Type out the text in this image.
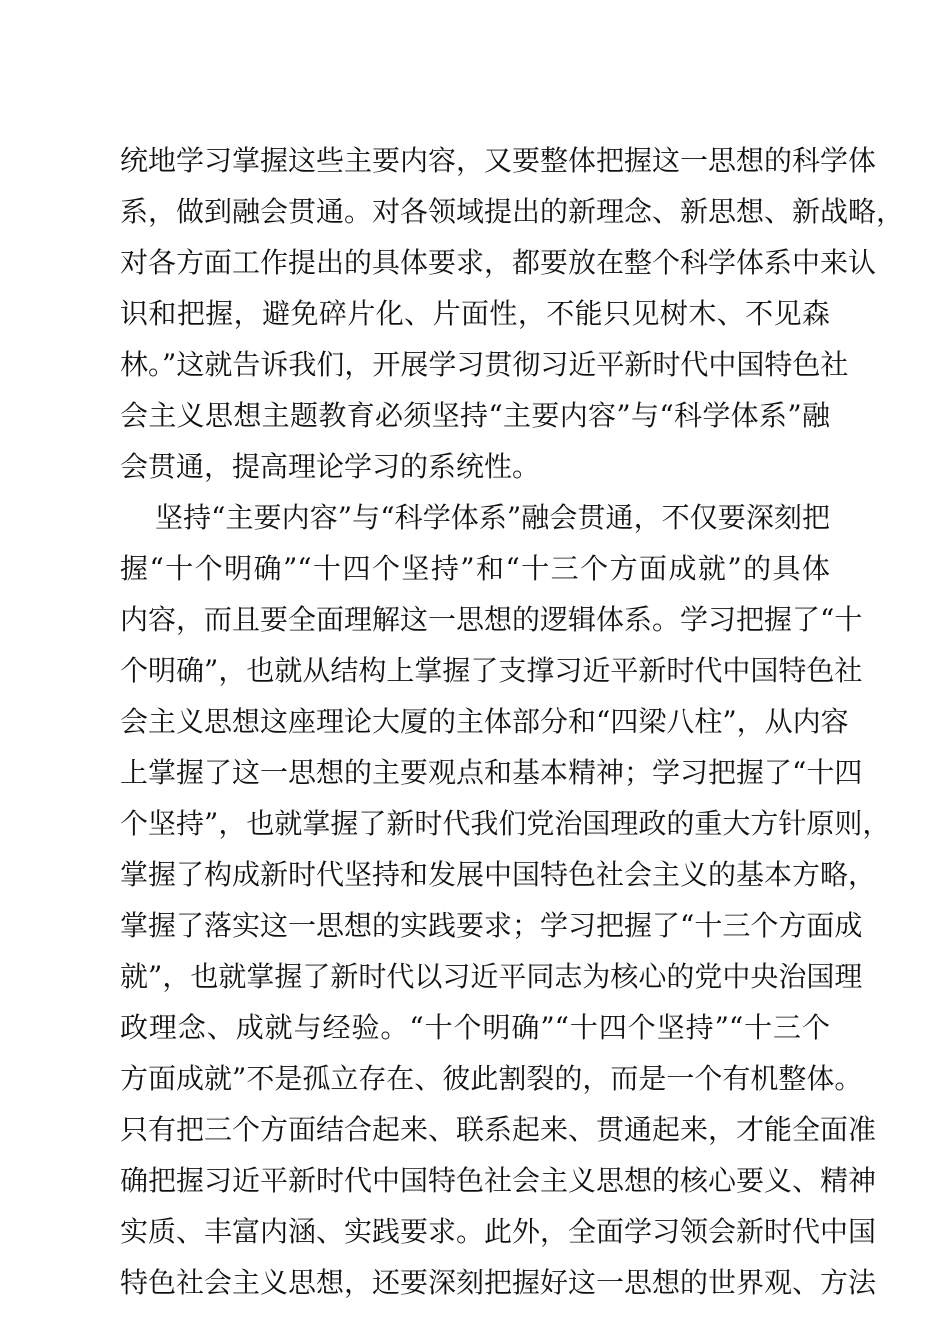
统地学习掌握这些主要内容，又要整体把握这一思想的科学体
系，做到融会贯通。对各领域提出的新理念、新思想、新战略，
对各方面工作提出的具体要求，都要放在整个科学体系中来认
识和把握，避免碎片化、片面性，不能只见树木、不见森
林。”这就告诉我们，开展学习贯彻习近平新时代中国特色社
会主义思想主题教育必须坚持“主要内容”与“科学体系”融
会贯通，提高理论学习的系统性。
坚持“主要内容”与“科学体系”融会贯通，不仅要深刻把
握“十个明确”“十四个坚持”和“十三个方面成就”的具体
内容，而且要全面理解这一思想的逻辑体系。学习把握了“十
个明确”，也就从结构上掌握了支撑习近平新时代中国特色社
会主义思想这座理论大厦的主体部分和“四梁八柱”，从内容
上掌握了这一思想的主要观点和基本精神；学习把握了“十四
个坚持”，也就掌握了新时代我们党治国理政的重大方针原则，
掌握了构成新时代坚持和发展中国特色社会主义的基本方略，
掌握了落实这一思想的实践要求；学习把握了“十三个方面成
就”，也就掌握了新时代以习近平同志为核心的党中央治国理
政理念、成就与经验。“十个明确”“十四个坚持”“十三个
方面成就”不是孤立存在、彼此割裂的，而是一个有机整体。
只有把三个方面结合起来、联系起来、贯通起来，才能全面准
确把握习近平新时代中国特色社会主义思想的核心要义、精神
实质、丰富内涵、实践要求。此外，全面学习领会新时代中国
特色社会主义思想，还要深刻把握好这一思想的世界观、方法
